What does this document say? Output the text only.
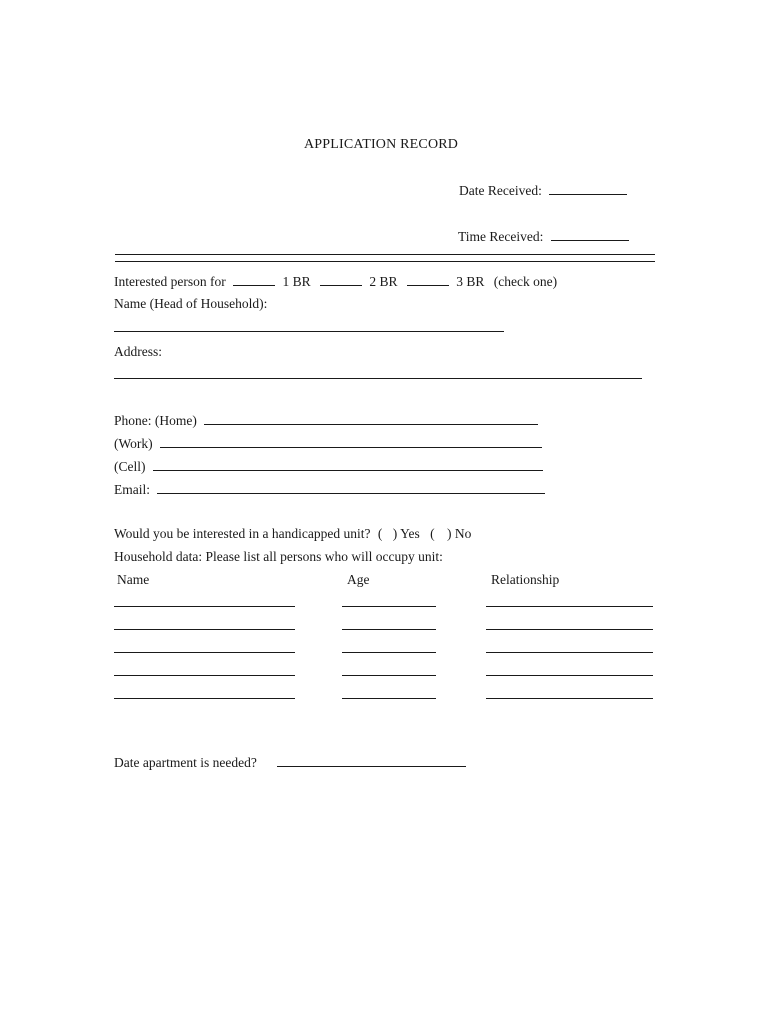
APPLICATION RECORD
Date Received:
Time Received:
Interested person for	1 BR	2 BR	3 BR (check one)
Name (Head of Household):
Address:
Phone: (Home)
(Work)
(Cell)
Email:
Would you be interested in a handicapped unit? ( ) Yes ( ) No
Household data: Please list all persons who will occupy unit:
Name	Age	Relationship
Date apartment is needed?
